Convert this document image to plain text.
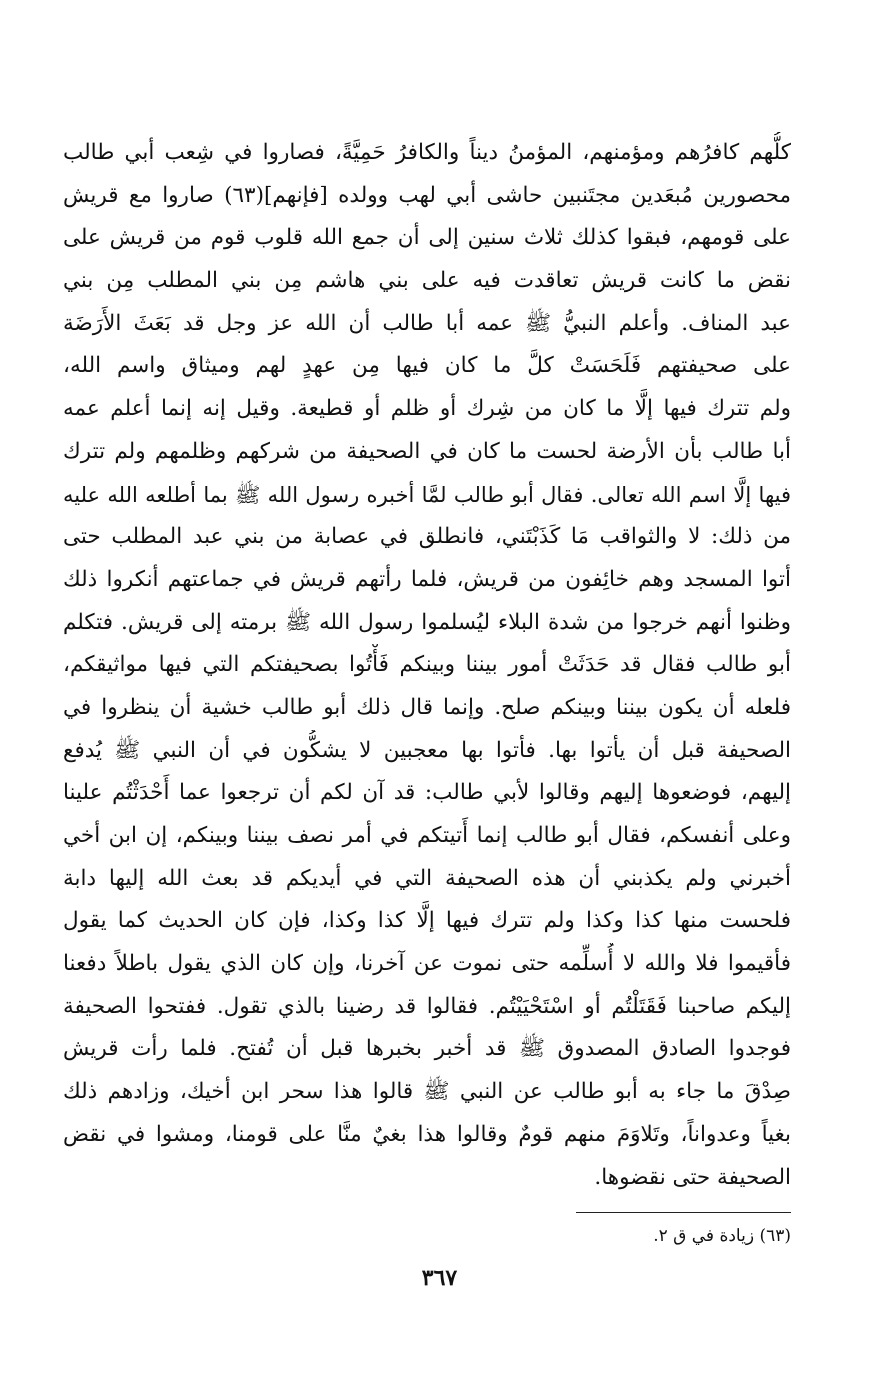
كلُّهم كافرُهم ومؤمنهم، المؤمنُ ديناً والكافرُ حَمِيَّةً، فصاروا في شِعب أبي طالب
محصورين مُبعَدين مجتَنبين حاشى أبي لهب وولده [فإنهم](٦٣) صاروا مع قريش
على قومهم، فبقوا كذلك ثلاث سنين إلى أن جمع الله قلوب قوم من قريش على
نقض ما كانت قريش تعاقدت فيه على بني هاشم مِن بني المطلب مِن بني
عبد المناف. وأعلم النبيُّ ﷺ عمه أبا طالب أن الله عز وجل قد بَعَثَ الأَرَضَة
على صحيفتهم فَلَحَسَتْ كلَّ ما كان فيها مِن عهدٍ لهم وميثاق واسم الله،
ولم تترك فيها إلَّا ما كان من شِرك أو ظلم أو قطيعة. وقيل إنه إنما أعلم عمه
أبا طالب بأن الأرضة لحست ما كان في الصحيفة من شركهم وظلمهم ولم تترك
فيها إلَّا اسم الله تعالى. فقال أبو طالب لمَّا أخبره رسول الله ﷺ بما أطلعه الله عليه
من ذلك: لا والثواقب مَا كَذَبْتَني، فانطلق في عصابة من بني عبد المطلب حتى
أتوا المسجد وهم خائِفون من قريش، فلما رأتهم قريش في جماعتهم أنكروا ذلك
وظنوا أنهم خرجوا من شدة البلاء ليُسلموا رسول الله ﷺ برمته إلى قريش. فتكلم
أبو طالب فقال قد حَدَثَتْ أمور بيننا وبينكم فَأْتُوا بصحيفتكم التي فيها مواثيقكم،
فلعله أن يكون بيننا وبينكم صلح. وإنما قال ذلك أبو طالب خشية أن ينظروا في
الصحيفة قبل أن يأتوا بها. فأتوا بها معجبين لا يشكُّون في أن النبي ﷺ يُدفع
إليهم، فوضعوها إليهم وقالوا لأبي طالب: قد آن لكم أن ترجعوا عما أَحْدَثْتُم علينا
وعلى أنفسكم، فقال أبو طالب إنما أَتيتكم في أمر نصف بيننا وبينكم، إن ابن أخي
أخبرني ولم يكذبني أن هذه الصحيفة التي في أيديكم قد بعث الله إليها دابة
فلحست منها كذا وكذا ولم تترك فيها إلَّا كذا وكذا، فإن كان الحديث كما يقول
فأقيموا فلا والله لا أُسلِّمه حتى نموت عن آخرنا، وإن كان الذي يقول باطلاً دفعنا
إليكم صاحبنا فَقَتَلْتُم أو اسْتَحْيَيْتُم. فقالوا قد رضينا بالذي تقول. ففتحوا الصحيفة
فوجدوا الصادق المصدوق ﷺ قد أخبر بخبرها قبل أن تُفتح. فلما رأت قريش
صِدْقَ ما جاء به أبو طالب عن النبي ﷺ قالوا هذا سحر ابن أخيك، وزادهم ذلك
بغياً وعدواناً، وتَلاوَمَ منهم قومٌ وقالوا هذا بغيٌ منَّا على قومنا، ومشوا في نقض
الصحيفة حتى نقضوها.
(٦٣) زيادة في ق ٢.
٣٦٧
